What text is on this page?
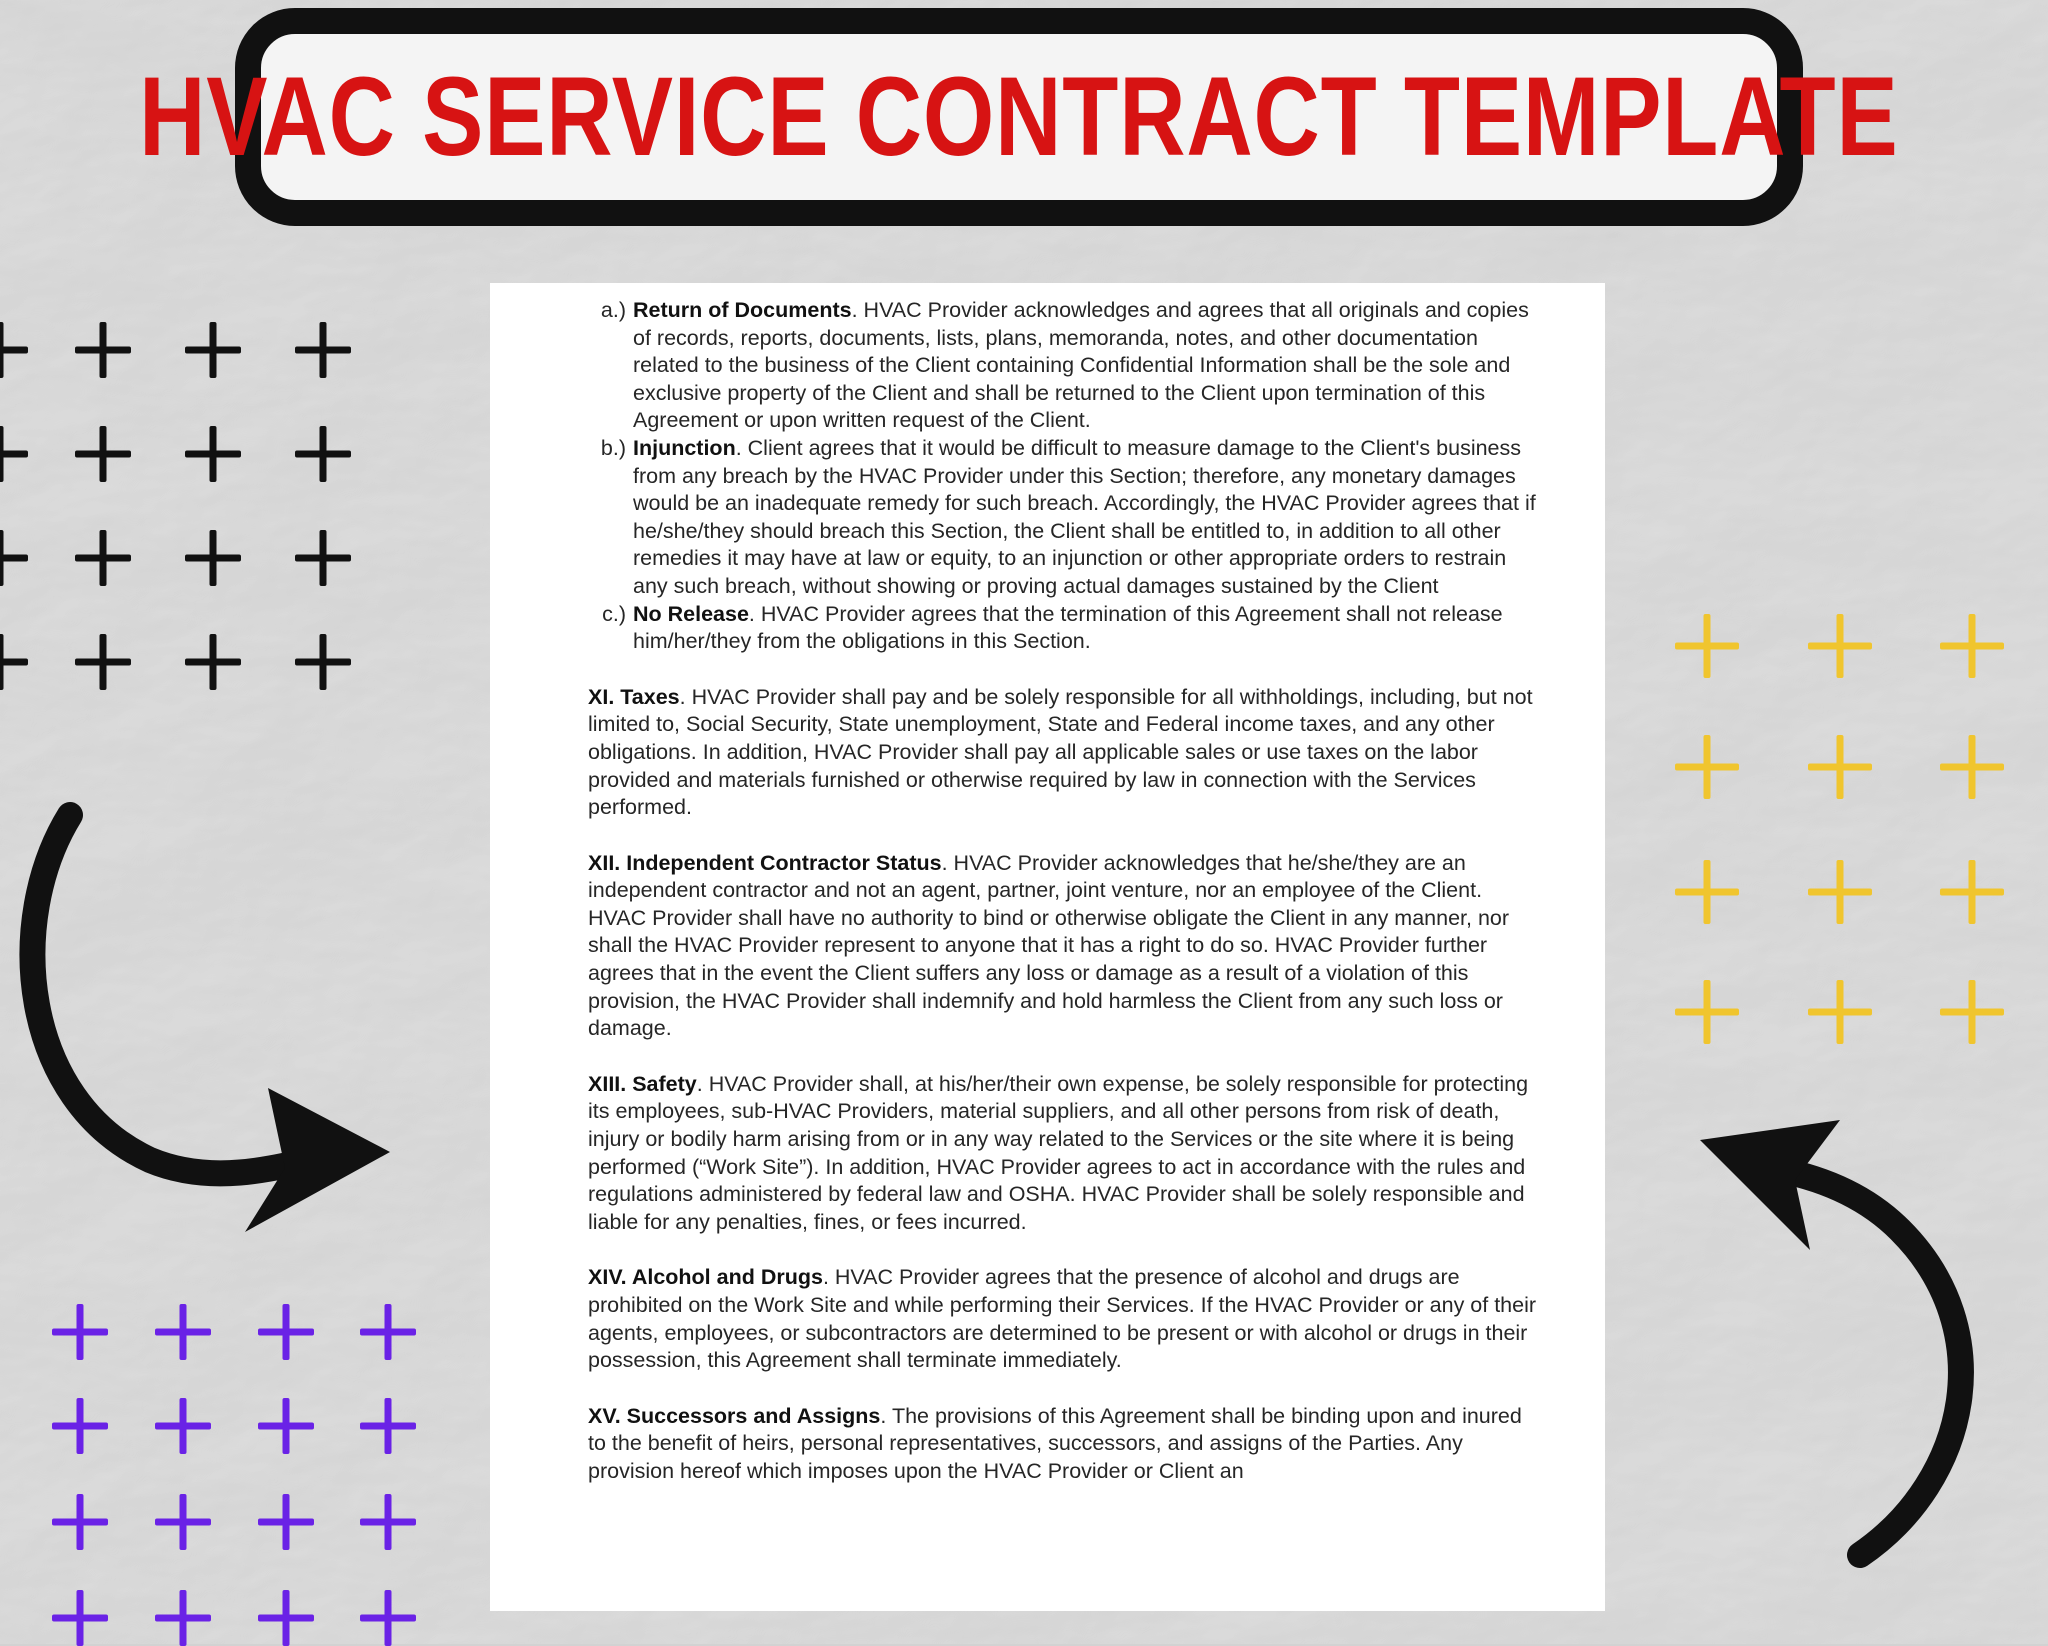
HVAC SERVICE CONTRACT TEMPLATE
a.) Return of Documents. HVAC Provider acknowledges and agrees that all originals and copies of records, reports, documents, lists, plans, memoranda, notes, and other documentation related to the business of the Client containing Confidential Information shall be the sole and exclusive property of the Client and shall be returned to the Client upon termination of this Agreement or upon written request of the Client.
b.) Injunction. Client agrees that it would be difficult to measure damage to the Client's business from any breach by the HVAC Provider under this Section; therefore, any monetary damages would be an inadequate remedy for such breach. Accordingly, the HVAC Provider agrees that if he/she/they should breach this Section, the Client shall be entitled to, in addition to all other remedies it may have at law or equity, to an injunction or other appropriate orders to restrain any such breach, without showing or proving actual damages sustained by the Client
c.) No Release. HVAC Provider agrees that the termination of this Agreement shall not release him/her/they from the obligations in this Section.

XI. Taxes. HVAC Provider shall pay and be solely responsible for all withholdings, including, but not limited to, Social Security, State unemployment, State and Federal income taxes, and any other obligations. In addition, HVAC Provider shall pay all applicable sales or use taxes on the labor provided and materials furnished or otherwise required by law in connection with the Services performed.

XII. Independent Contractor Status. HVAC Provider acknowledges that he/she/they are an independent contractor and not an agent, partner, joint venture, nor an employee of the Client. HVAC Provider shall have no authority to bind or otherwise obligate the Client in any manner, nor shall the HVAC Provider represent to anyone that it has a right to do so. HVAC Provider further agrees that in the event the Client suffers any loss or damage as a result of a violation of this provision, the HVAC Provider shall indemnify and hold harmless the Client from any such loss or damage.

XIII. Safety. HVAC Provider shall, at his/her/their own expense, be solely responsible for protecting its employees, sub-HVAC Providers, material suppliers, and all other persons from risk of death, injury or bodily harm arising from or in any way related to the Services or the site where it is being performed (“Work Site”). In addition, HVAC Provider agrees to act in accordance with the rules and regulations administered by federal law and OSHA. HVAC Provider shall be solely responsible and liable for any penalties, fines, or fees incurred.

XIV. Alcohol and Drugs. HVAC Provider agrees that the presence of alcohol and drugs are prohibited on the Work Site and while performing their Services. If the HVAC Provider or any of their agents, employees, or subcontractors are determined to be present or with alcohol or drugs in their possession, this Agreement shall terminate immediately.

XV. Successors and Assigns. The provisions of this Agreement shall be binding upon and inured to the benefit of heirs, personal representatives, successors, and assigns of the Parties. Any provision hereof which imposes upon the HVAC Provider or Client an
